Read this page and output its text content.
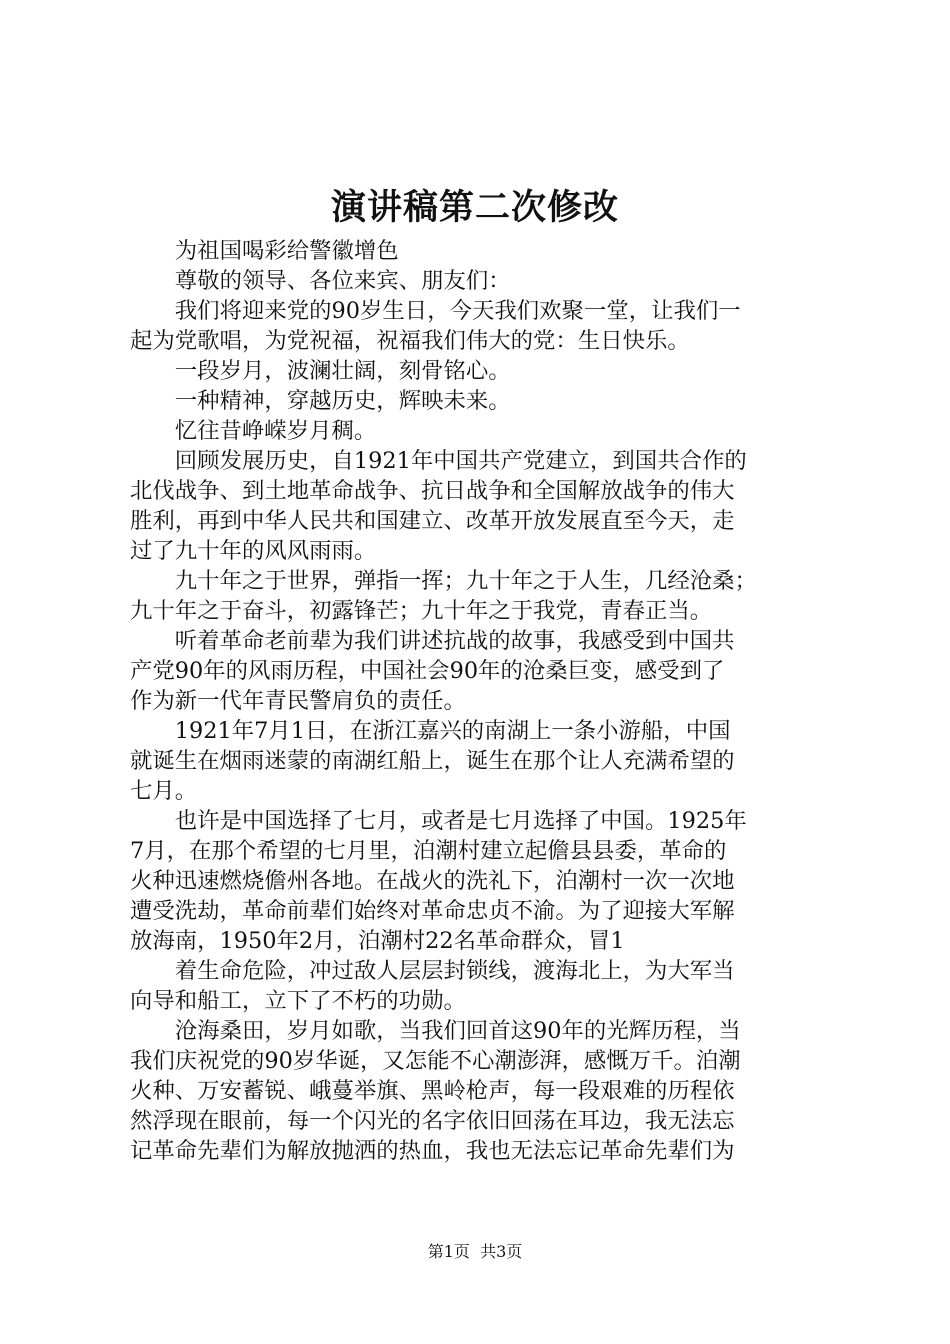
演讲稿第二次修改

为祖国喝彩给警徽增色

尊敬的领导、各位来宾、朋友们：

我们将迎来党的90岁生日，今天我们欢聚一堂，让我们一
起为党歌唱，为党祝福，祝福我们伟大的党：生日快乐。

一段岁月，波澜壮阔，刻骨铭心。

一种精神，穿越历史，辉映未来。

忆往昔峥嵘岁月稠。

回顾发展历史，自1921年中国共产党建立，到国共合作的
北伐战争、到土地革命战争、抗日战争和全国解放战争的伟大
胜利，再到中华人民共和国建立、改革开放发展直至今天，走
过了九十年的风风雨雨。

九十年之于世界，弹指一挥；九十年之于人生，几经沧桑；
九十年之于奋斗，初露锋芒；九十年之于我党，青春正当。

听着革命老前辈为我们讲述抗战的故事，我感受到中国共
产党90年的风雨历程，中国社会90年的沧桑巨变，感受到了
作为新一代年青民警肩负的责任。

1921年7月1日，在浙江嘉兴的南湖上一条小游船，中国
就诞生在烟雨迷蒙的南湖红船上，诞生在那个让人充满希望的
七月。

也许是中国选择了七月，或者是七月选择了中国。1925年
7月，在那个希望的七月里，泊潮村建立起儋县县委，革命的
火种迅速燃烧儋州各地。在战火的洗礼下，泊潮村一次一次地
遭受洗劫，革命前辈们始终对革命忠贞不渝。为了迎接大军解
放海南，1950年2月，泊潮村22名革命群众，冒1

着生命危险，冲过敌人层层封锁线，渡海北上，为大军当
向导和船工，立下了不朽的功勋。

沧海桑田，岁月如歌，当我们回首这90年的光辉历程，当
我们庆祝党的90岁华诞，又怎能不心潮澎湃，感慨万千。泊潮
火种、万安蓄锐、峨蔓举旗、黑岭枪声，每一段艰难的历程依
然浮现在眼前，每一个闪光的名字依旧回荡在耳边，我无法忘
记革命先辈们为解放抛洒的热血，我也无法忘记革命先辈们为

第1页  共3页
